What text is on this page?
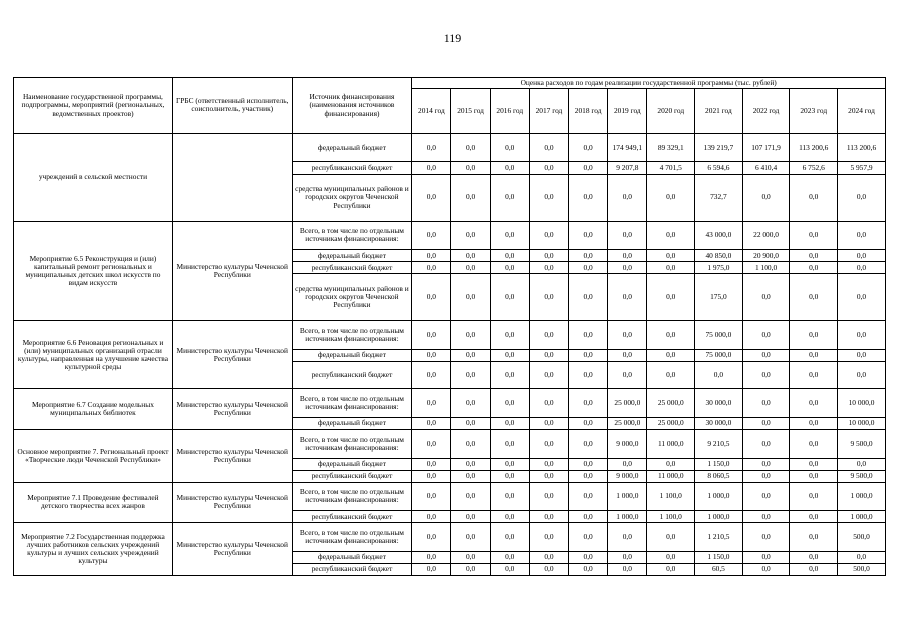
119
Наименование государственной программы, подпрограммы, мероприятий (региональных, ведомственных проектов)	ГРБС (ответственный исполнитель, соисполнитель, участник)	Источник финансирования (наименования источников финансирования)	Оценка расходов по годам реализации государственной программы (тыс. рублей)										
			2014 год	2015 год	2016 год	2017 год	2018 год	2019 год	2020 год	2021 год	2022 год	2023 год	2024 год
учреждений в сельской местности		федеральный бюджет	0,0	0,0	0,0	0,0	0,0	174 949,1	89 329,1	139 219,7	107 171,9	113 200,6	113 200,6
		республиканский бюджет	0,0	0,0	0,0	0,0	0,0	9 207,8	4 701,5	6 594,6	6 410,4	6 752,6	5 957,9
		средства муниципальных районов и городских округов Чеченской Республики	0,0	0,0	0,0	0,0	0,0	0,0	0,0	732,7	0,0	0,0	0,0
Мероприятие 6.5 Реконструкция и (или) капитальный ремонт региональных и муниципальных детских школ искусств по видам искусств	Министерство культуры Чеченской Республики	Всего, в том числе по отдельным источникам финансирования:	0,0	0,0	0,0	0,0	0,0	0,0	0,0	43 000,0	22 000,0	0,0	0,0
		федеральный бюджет	0,0	0,0	0,0	0,0	0,0	0,0	0,0	40 850,0	20 900,0	0,0	0,0
		республиканский бюджет	0,0	0,0	0,0	0,0	0,0	0,0	0,0	1 975,0	1 100,0	0,0	0,0
		средства муниципальных районов и городских округов Чеченской Республики	0,0	0,0	0,0	0,0	0,0	0,0	0,0	175,0	0,0	0,0	0,0
Мероприятие 6.6 Реновация региональных и (или) муниципальных организаций отрасли культуры, направленная на улучшение качества культурной среды	Министерство культуры Чеченской Республики	Всего, в том числе по отдельным источникам финансирования:	0,0	0,0	0,0	0,0	0,0	0,0	0,0	75 000,0	0,0	0,0	0,0
		федеральный бюджет	0,0	0,0	0,0	0,0	0,0	0,0	0,0	75 000,0	0,0	0,0	0,0
		республиканский бюджет	0,0	0,0	0,0	0,0	0,0	0,0	0,0	0,0	0,0	0,0	0,0
Мероприятие 6.7 Создание модельных муниципальных библиотек	Министерство культуры Чеченской Республики	Всего, в том числе по отдельным источникам финансирования:	0,0	0,0	0,0	0,0	0,0	25 000,0	25 000,0	30 000,0	0,0	0,0	10 000,0
		федеральный бюджет	0,0	0,0	0,0	0,0	0,0	25 000,0	25 000,0	30 000,0	0,0	0,0	10 000,0
Основное мероприятие 7. Региональный проект «Творческие люди Чеченской Республики»	Министерство культуры Чеченской Республики	Всего, в том числе по отдельным источникам финансирования:	0,0	0,0	0,0	0,0	0,0	9 000,0	11 000,0	9 210,5	0,0	0,0	9 500,0
		федеральный бюджет	0,0	0,0	0,0	0,0	0,0	0,0	0,0	1 150,0	0,0	0,0	0,0
		республиканский бюджет	0,0	0,0	0,0	0,0	0,0	9 000,0	11 000,0	8 060,5	0,0	0,0	9 500,0
Мероприятие 7.1 Проведение фестивалей детского творчества всех жанров	Министерство культуры Чеченской Республики	Всего, в том числе по отдельным источникам финансирования:	0,0	0,0	0,0	0,0	0,0	1 000,0	1 100,0	1 000,0	0,0	0,0	1 000,0
		республиканский бюджет	0,0	0,0	0,0	0,0	0,0	1 000,0	1 100,0	1 000,0	0,0	0,0	1 000,0
Мероприятие 7.2 Государственная поддержка лучших работников сельских учреждений культуры и лучших сельских учреждений культуры	Министерство культуры Чеченской Республики	Всего, в том числе по отдельным источникам финансирования:	0,0	0,0	0,0	0,0	0,0	0,0	0,0	1 210,5	0,0	0,0	500,0
		федеральный бюджет	0,0	0,0	0,0	0,0	0,0	0,0	0,0	1 150,0	0,0	0,0	0,0
		республиканский бюджет	0,0	0,0	0,0	0,0	0,0	0,0	0,0	60,5	0,0	0,0	500,0
